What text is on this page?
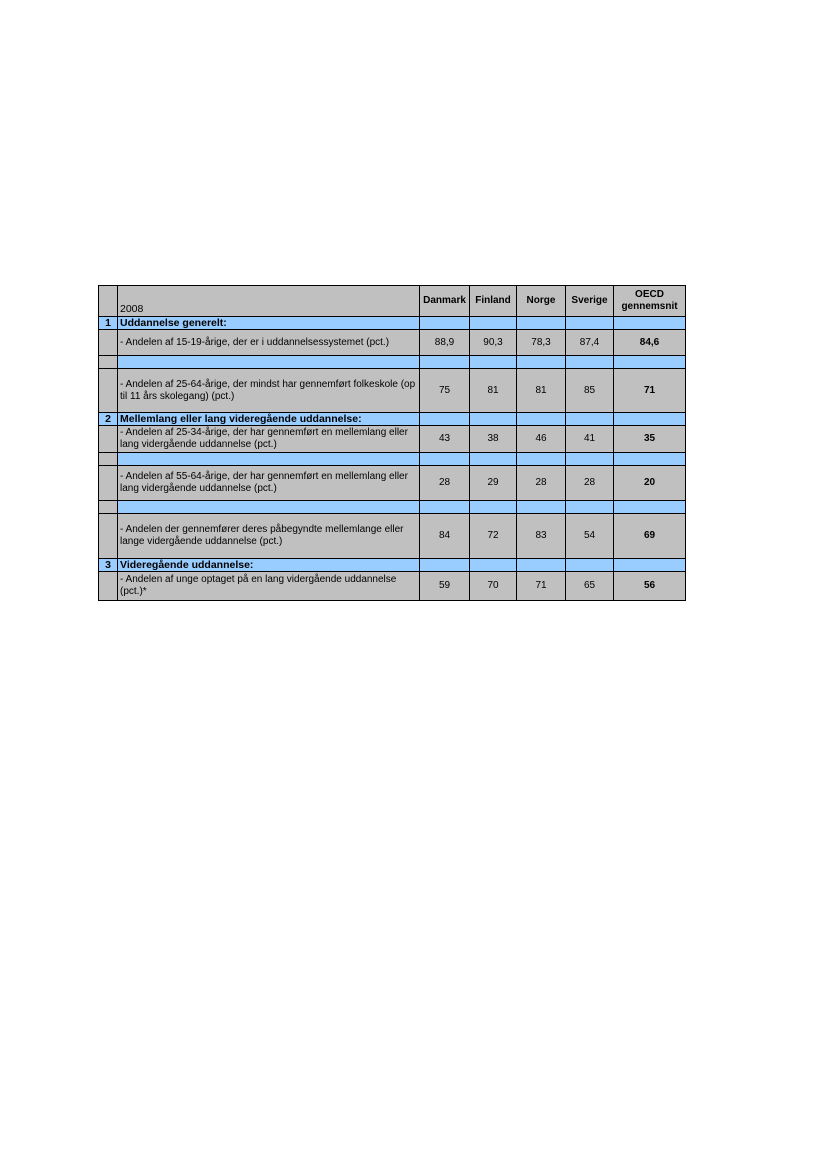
	2008	Danmark	Finland	Norge	Sverige	OECD
gennemsnit
1	Uddannelse generelt:					
	- Andelen af 15-19-årige, der er i uddannelsessystemet (pct.)	88,9	90,3	78,3	87,4	84,6

	- Andelen af 25-64-årige, der mindst har gennemført folkeskole (op til 11 års skolegang) (pct.)	75	81	81	85	71
2	Mellemlang eller lang videregående uddannelse:					
	- Andelen af 25-34-årige, der har gennemført en mellemlang eller lang vidergående uddannelse (pct.)	43	38	46	41	35

	- Andelen af 55-64-årige, der har gennemført en mellemlang eller lang vidergående uddannelse (pct.)	28	29	28	28	20

	- Andelen der gennemfører deres påbegyndte mellemlange eller lange vidergående uddannelse (pct.)	84	72	83	54	69
3	Videregående uddannelse:					
	- Andelen af unge optaget på en lang vidergående uddannelse (pct.)*	59	70	71	65	56
